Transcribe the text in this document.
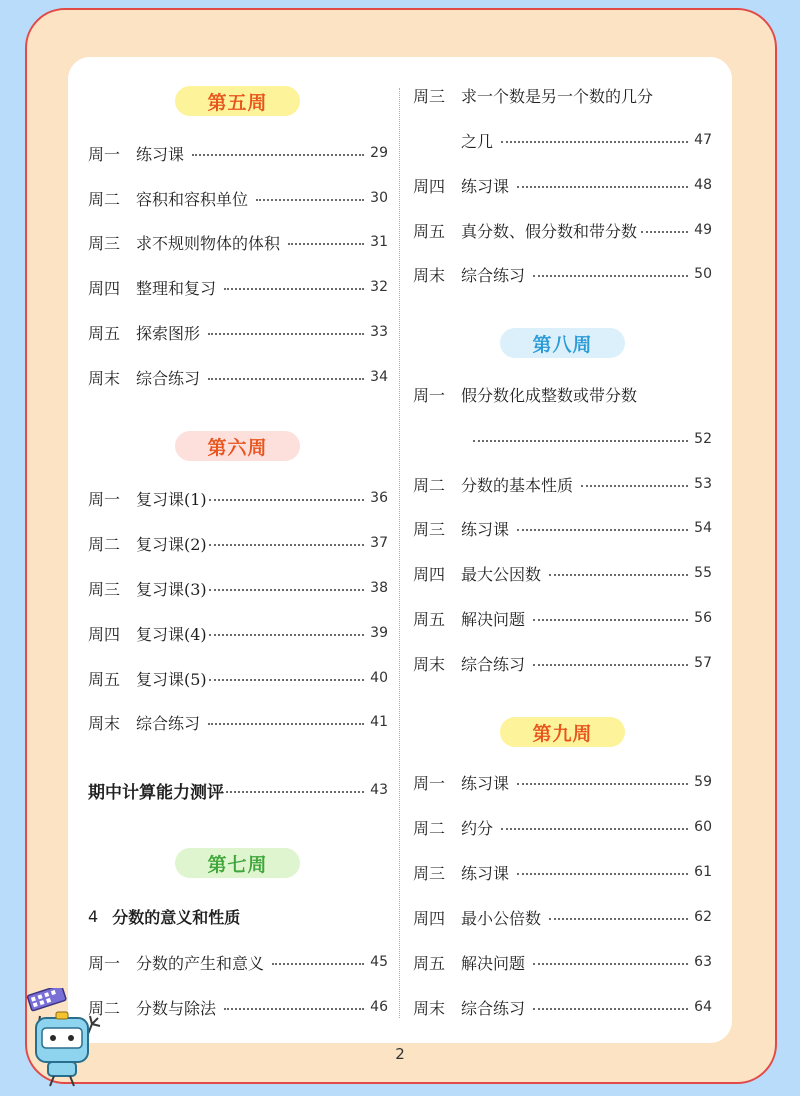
第五周
周一 练习课	29
周二 容积和容积单位	30
周三 求不规则物体的体积	31
周四 整理和复习	32
周五 探索图形	33
周末 综合练习	34
第六周
周一 复习课(1)	36
周二 复习课(2)	37
周三 复习课(3)	38
周四 复习课(4)	39
周五 复习课(5)	40
周末 综合练习	41
期中计算能力测评	43
第七周
4 分数的意义和性质
周一 分数的产生和意义	45
周二 分数与除法	46
周三 求一个数是另一个数的几分
之几	47
周四 练习课	48
周五 真分数、假分数和带分数	49
周末 综合练习	50
第八周
周一 假分数化成整数或带分数
52
周二 分数的基本性质	53
周三 练习课	54
周四 最大公因数	55
周五 解决问题	56
周末 综合练习	57
第九周
周一 练习课	59
周二 约分	60
周三 练习课	61
周四 最小公倍数	62
周五 解决问题	63
周末 综合练习	64
2
